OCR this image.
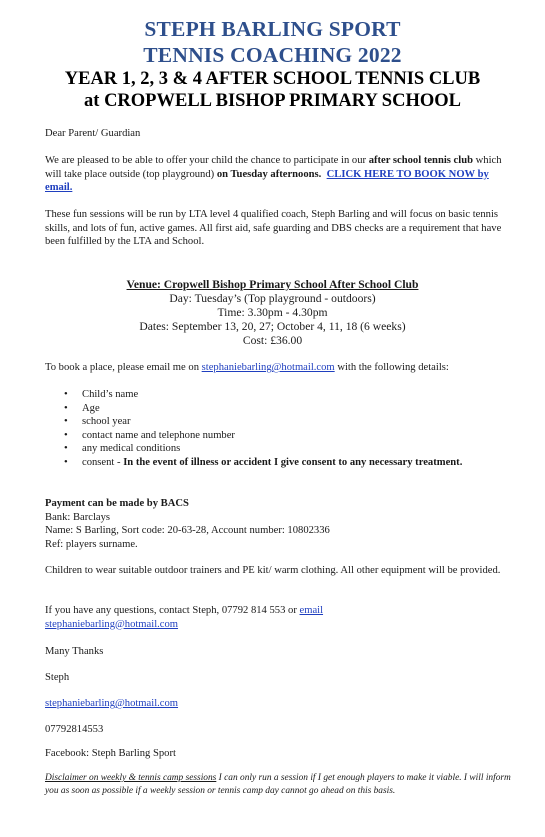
STEPH BARLING SPORT
TENNIS COACHING 2022
YEAR 1, 2, 3 & 4 AFTER SCHOOL TENNIS CLUB
at CROPWELL BISHOP PRIMARY SCHOOL
Dear Parent/ Guardian
We are pleased to be able to offer your child the chance to participate in our after school tennis club which will take place outside (top playground) on Tuesday afternoons. CLICK HERE TO BOOK NOW by email.
These fun sessions will be run by LTA level 4 qualified coach, Steph Barling and will focus on basic tennis skills, and lots of fun, active games. All first aid, safe guarding and DBS checks are a requirement that have been fulfilled by the LTA and School.
Venue: Cropwell Bishop Primary School After School Club
Day: Tuesday’s (Top playground - outdoors)
Time: 3.30pm - 4.30pm
Dates: September 13, 20, 27; October 4, 11, 18 (6 weeks)
Cost: £36.00
To book a place, please email me on stephaniebarling@hotmail.com with the following details:
•	Child’s name
•	Age
•	school year
•	contact name and telephone number
•	any medical conditions
•	consent - In the event of illness or accident I give consent to any necessary treatment.
Payment can be made by BACS
Bank: Barclays
Name: S Barling, Sort code: 20-63-28, Account number: 10802336
Ref: players surname.
Children to wear suitable outdoor trainers and PE kit/ warm clothing. All other equipment will be provided.
If you have any questions, contact Steph, 07792 814 553 or email
stephaniebarling@hotmail.com
Many Thanks
Steph
stephaniebarling@hotmail.com
07792814553
Facebook: Steph Barling Sport
Disclaimer on weekly & tennis camp sessions I can only run a session if I get enough players to make it viable. I will inform you as soon as possible if a weekly session or tennis camp day cannot go ahead on this basis.
